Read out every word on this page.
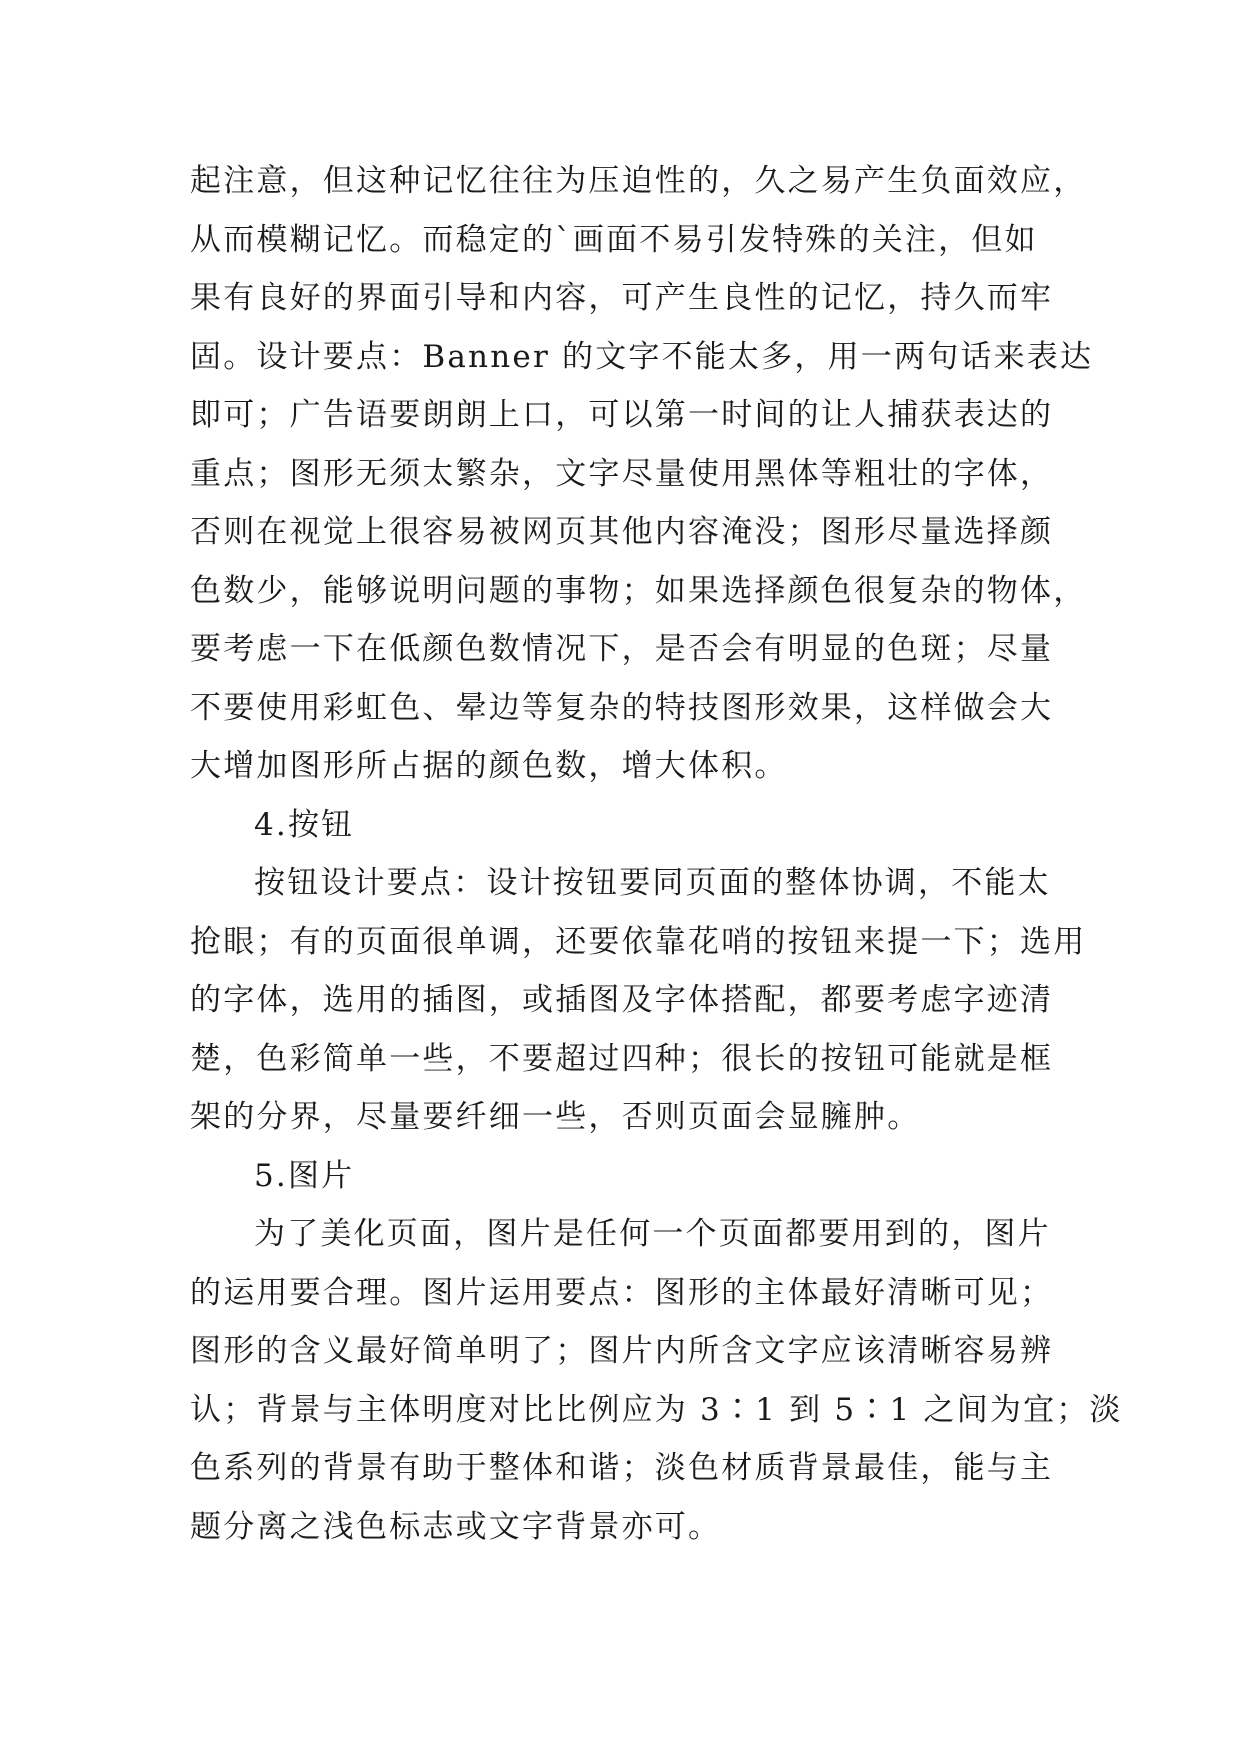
起注意，但这种记忆往往为压迫性的，久之易产生负面效应，

从而模糊记忆。而稳定的`画面不易引发特殊的关注，但如

果有良好的界面引导和内容，可产生良性的记忆，持久而牢

固。设计要点：Banner 的文字不能太多，用一两句话来表达

即可；广告语要朗朗上口，可以第一时间的让人捕获表达的

重点；图形无须太繁杂，文字尽量使用黑体等粗壮的字体，

否则在视觉上很容易被网页其他内容淹没；图形尽量选择颜

色数少，能够说明问题的事物；如果选择颜色很复杂的物体，

要考虑一下在低颜色数情况下，是否会有明显的色斑；尽量

不要使用彩虹色、晕边等复杂的特技图形效果，这样做会大

大增加图形所占据的颜色数，增大体积。

4.按钮

按钮设计要点：设计按钮要同页面的整体协调，不能太

抢眼；有的页面很单调，还要依靠花哨的按钮来提一下；选用

的字体，选用的插图，或插图及字体搭配，都要考虑字迹清

楚，色彩简单一些，不要超过四种；很长的按钮可能就是框

架的分界，尽量要纤细一些，否则页面会显臃肿。

5.图片

为了美化页面，图片是任何一个页面都要用到的，图片

的运用要合理。图片运用要点：图形的主体最好清晰可见；

图形的含义最好简单明了；图片内所含文字应该清晰容易辨

认；背景与主体明度对比比例应为 3∶1 到 5∶1 之间为宜；淡

色系列的背景有助于整体和谐；淡色材质背景最佳，能与主

题分离之浅色标志或文字背景亦可。
